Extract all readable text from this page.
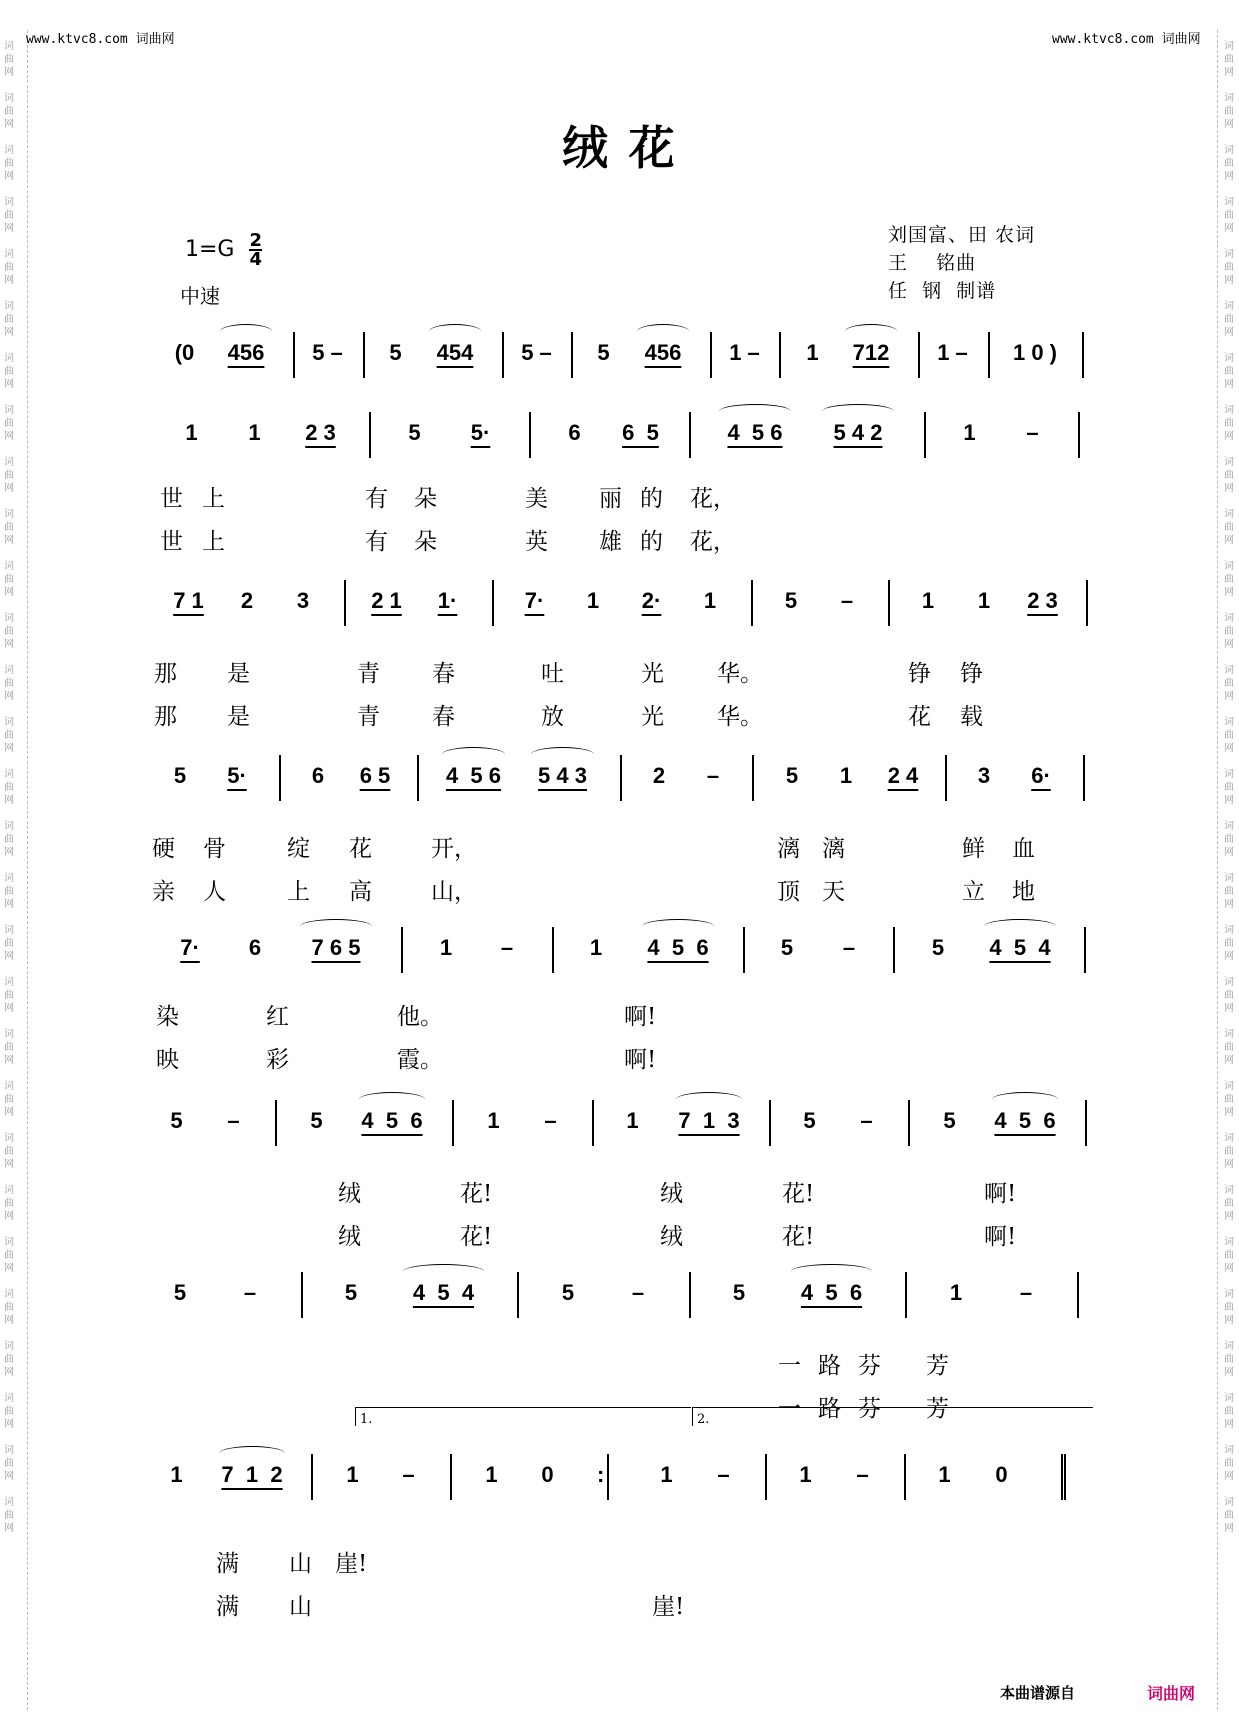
词
曲
网

词
曲
网

词
曲
网

词
曲
网

词
曲
网

词
曲
网

词
曲
网

词
曲
网

词
曲
网

词
曲
网

词
曲
网

词
曲
网

词
曲
网

词
曲
网

词
曲
网

词
曲
网

词
曲
网

词
曲
网

词
曲
网

词
曲
网

词
曲
网

词
曲
网

词
曲
网

词
曲
网

词
曲
网

词
曲
网

词
曲
网

词
曲
网

词
曲
网
词
曲
网

词
曲
网

词
曲
网

词
曲
网

词
曲
网

词
曲
网

词
曲
网

词
曲
网

词
曲
网

词
曲
网

词
曲
网

词
曲
网

词
曲
网

词
曲
网

词
曲
网

词
曲
网

词
曲
网

词
曲
网

词
曲
网

词
曲
网

词
曲
网

词
曲
网

词
曲
网

词
曲
网

词
曲
网

词
曲
网

词
曲
网

词
曲
网

词
曲
网
www.ktvc8.com 词曲网	www.ktvc8.com 词曲网
绒 花
$1=G \frac{2}{4}$
中速
刘国富、田 农词
王    铭曲
任  钢  制谱
(0	456	5 –	5	454	5 –	5	456	1 –	1	712	1 –	1 0 )
1	1	2 3	5	5·	6	6  5	4  5 6	5 4 2	1	–
世 上	有 朵	美 丽 的 花，
世 上	有 朵	英 雄 的 花，
7 1	2	3	2 1	1·	7·	1	2·	1	5	–	1	1	2 3
那 是	青 春	吐	光 华。	铮 铮
那 是	青 春	放	光 华。	花 载
5	5·	6	6 5	4  5 6	5 4 3	2	–	5	1	2 4	3	6·
硬 骨	绽 花	开，	漓 漓	鲜 血
亲 人	上 高	山，	顶 天	立 地
7·	6	7 6 5	1	–	1	4  5  6	5	–	5	4  5  4
染	红	他。	啊!
映	彩	霞。	啊!
5	–	5	4  5  6	1	–	1	7  1  3	5	–	5	4  5  6
绒	花!	绒	花!	啊!
绒	花!	绒	花!	啊!
5	–	5	4  5  4	5	–	5	4  5  6	1	–
一 路 芬 芳
一 路 芬 芳
1	7  1  2	1	–	1	0	:	1	–	1	–	1	0
1.	2.
满 山 崖!
满 山	崖!
本曲谱源自	词曲网
